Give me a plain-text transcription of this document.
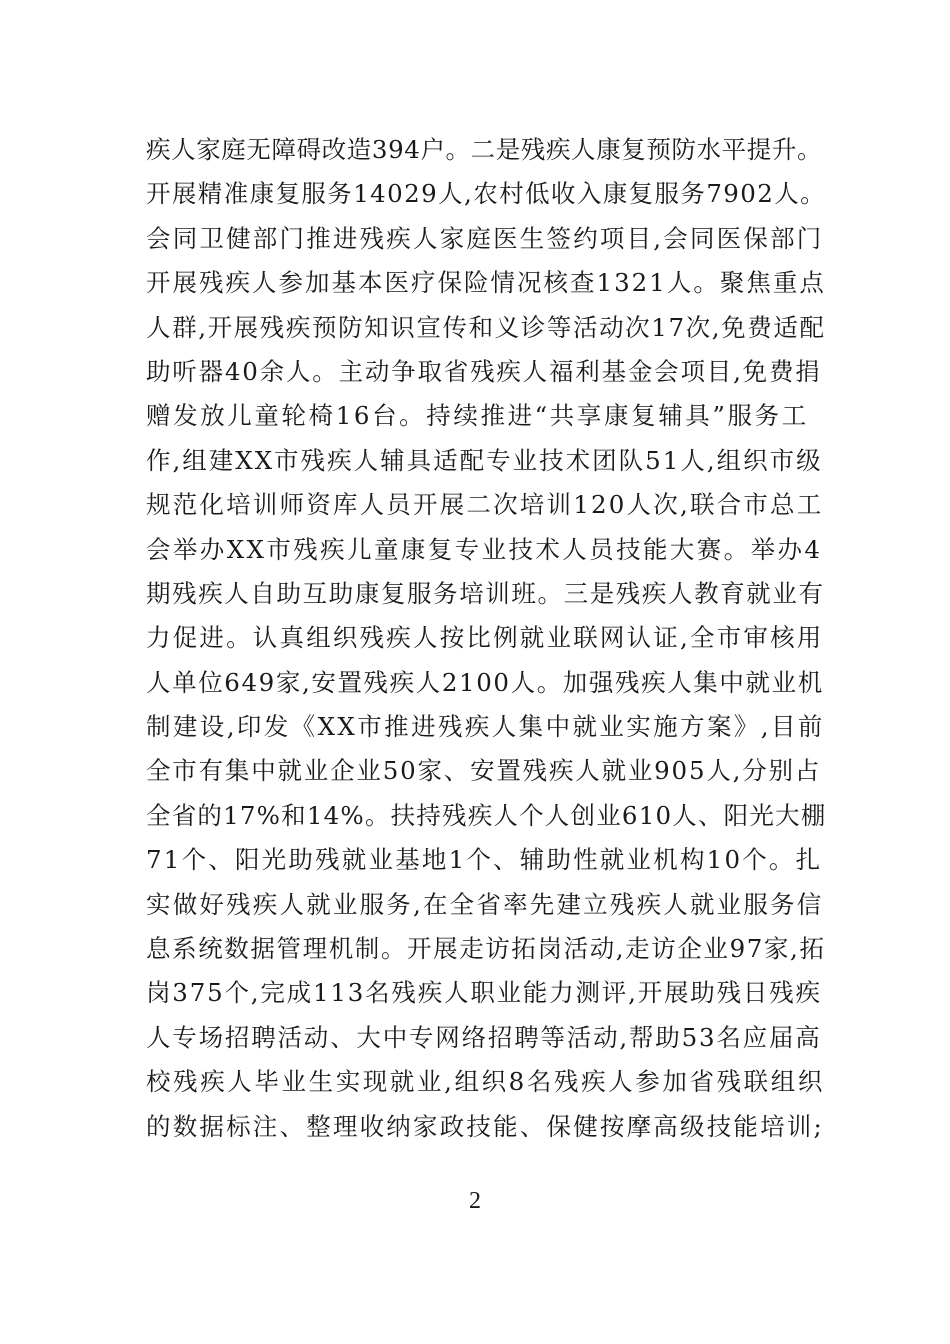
疾人家庭无障碍改造394户。二是残疾人康复预防水平提升。
开展精准康复服务14029人,农村低收入康复服务7902人。
会同卫健部门推进残疾人家庭医生签约项目,会同医保部门
开展残疾人参加基本医疗保险情况核查1321人。聚焦重点
人群,开展残疾预防知识宣传和义诊等活动次17次,免费适配
助听器40余人。主动争取省残疾人福利基金会项目,免费捐
赠发放儿童轮椅16台。持续推进“共享康复辅具”服务工
作,组建XX市残疾人辅具适配专业技术团队51人,组织市级
规范化培训师资库人员开展二次培训120人次,联合市总工
会举办XX市残疾儿童康复专业技术人员技能大赛。举办4
期残疾人自助互助康复服务培训班。三是残疾人教育就业有
力促进。认真组织残疾人按比例就业联网认证,全市审核用
人单位649家,安置残疾人2100人。加强残疾人集中就业机
制建设,印发《XX市推进残疾人集中就业实施方案》,目前
全市有集中就业企业50家、安置残疾人就业905人,分别占
全省的17%和14%。扶持残疾人个人创业610人、阳光大棚
71个、阳光助残就业基地1个、辅助性就业机构10个。扎
实做好残疾人就业服务,在全省率先建立残疾人就业服务信
息系统数据管理机制。开展走访拓岗活动,走访企业97家,拓
岗375个,完成113名残疾人职业能力测评,开展助残日残疾
人专场招聘活动、大中专网络招聘等活动,帮助53名应届高
校残疾人毕业生实现就业,组织8名残疾人参加省残联组织
的数据标注、整理收纳家政技能、保健按摩高级技能培训;
2
